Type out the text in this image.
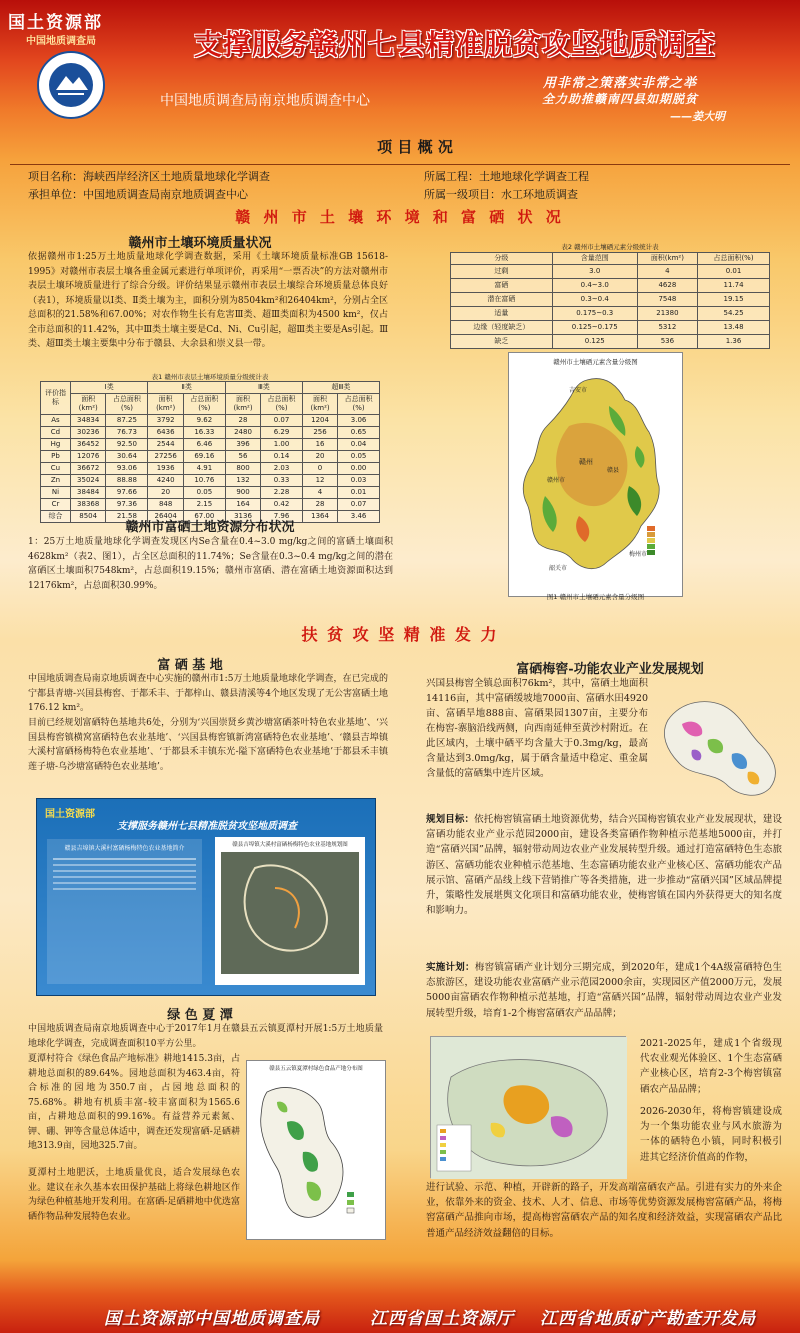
国土资源部
中国地质调查局	支撑服务赣州七县精准脱贫攻坚地质调查
中国地质调查局南京地质调查中心
用非常之策落实非常之举
全力助推赣南四县如期脱贫
——姜大明
项 目 概 况
项目名称：海峡西岸经济区土地质量地球化学调查	所属工程：土地地球化学调查工程
承担单位：中国地质调查局南京地质调查中心	所属一级项目：水工环地质调查
赣 州 市 土 壤 环 境 和 富 硒 状 况
赣州市土壤环境质量状况
依据赣州市1:25万土地质量地球化学调查数据，采用《土壤环境质量标准GB 15618-1995》对赣州市表层土壤各重金属元素进行单项评价，再采用“一票否决”的方法对赣州市表层土壤环境质量进行了综合分级。评价结果显示赣州市表层土壤综合环境质量总体良好（表1），环境质量以Ⅰ类、Ⅱ类土壤为主，面积分别为8504km²和26404km²，分别占全区总面积的21.58%和67.00%；对农作物生长有危害Ⅲ类、超Ⅲ类面积为4500 km²，仅占全市总面积的11.42%，其中Ⅲ类土壤主要是Cd、Ni、Cu引起，超Ⅲ类主要是As引起。Ⅲ类、超Ⅲ类土壤主要集中分布于赣县、大余县和崇义县一带。
表1 赣州市表层土壤环境质量分级统计表
评价指标	Ⅰ类		Ⅱ类		Ⅲ类		超Ⅲ类	
	面积(km²)	占总面积(%)	面积(km²)	占总面积(%)	面积(km²)	占总面积(%)	面积(km²)	占总面积(%)
As	34834	87.25	3792	9.62	28	0.07	1204	3.06
Cd	30236	76.73	6436	16.33	2480	6.29	256	0.65
Hg	36452	92.50	2544	6.46	396	1.00	16	0.04
Pb	12076	30.64	27256	69.16	56	0.14	20	0.05
Cu	36672	93.06	1936	4.91	800	2.03	0	0.00
Zn	35024	88.88	4240	10.76	132	0.33	12	0.03
Ni	38484	97.66	20	0.05	900	2.28	4	0.01
Cr	38368	97.36	848	2.15	164	0.42	28	0.07
综合	8504	21.58	26404	67.00	3136	7.96	1364	3.46
表2 赣州市土壤硒元素分级统计表
分级	含量范围	面积(km²)	占总面积(%)
过剩	3.0	4	0.01
富硒	0.4~3.0	4628	11.74
潜在富硒	0.3~0.4	7548	19.15
适量	0.175~0.3	21380	54.25
边缘（轻度缺乏）	0.125~0.175	5312	13.48
缺乏	0.125	536	1.36
赣州市土壤硒元素含量分级图
吉安市
赣州
赣州市
赣县
韶关市
梅州市
图1 赣州市土壤硒元素含量分级图
赣州市富硒土地资源分布状况
1：25万土地质量地球化学调查发现区内Se含量在0.4~3.0 mg/kg之间的富硒土壤面积4628km²（表2、图1），占全区总面积的11.74%；Se含量在0.3~0.4 mg/kg之间的潜在富硒区土壤面积7548km²，占总面积19.15%；赣州市富硒、潜在富硒土地资源面积达到12176km²，占总面积30.99%。
扶 贫 攻 坚 精 准 发 力
富 硒 基 地
中国地质调查局南京地质调查中心实施的赣州市1:5万土地质量地球化学调查，在已完成的宁都县青塘-兴国县梅窖、于都禾丰、于都梓山、赣县清溪等4个地区发现了无公害富硒土地176.12 km²。
目前已经规划富硒特色基地共6处，分别为‘兴国崇贤乡黄沙塘富硒茶叶特色农业基地’、‘兴国县梅窖镇横窝富硒特色农业基地’、‘兴国县梅窖镇新湾富硒特色农业基地’、‘赣县吉埠镇大溪村富硒杨梅特色农业基地’、‘于都县禾丰镇东光-隘下富硒特色农业基地’于都县禾丰镇莲子塘-乌沙塘富硒特色农业基地’。
国土资源部
支撑服务赣州七县精准脱贫攻坚地质调查
赣县吉埠镇大溪村富硒杨梅特色农业基地简介	赣县吉埠镇大溪村富硒杨梅特色农业基地规划图
绿 色 夏 潭
中国地质调查局南京地质调查中心于2017年1月在赣县五云镇夏潭村开展1:5万土地质量地球化学调查，完成调查面积10平方公里。
夏潭村符合《绿色食品产地标准》耕地1415.3亩，占耕地总面积的89.64%。园地总面积为463.4亩，符合标准的园地为350.7亩，占园地总面积的75.68%。耕地有机质丰富-较丰富面积为1565.6亩，占耕地总面积的99.16%。有益营养元素氮、钾、硼、钾等含量总体适中，调查还发现富硒-足硒耕地313.9亩，园地325.7亩。
夏潭村土地肥沃，土地质量优良，适合发展绿色农业。建议在永久基本农田保护基础上将绿色耕地区作为绿色种植基地开发利用。在富硒-足硒耕地中优选富硒作物品种发展特色农业。
赣县五云镇夏潭村绿色食品产地分布图
富硒梅窖-功能农业产业发展规划
兴国县梅窖全镇总面积76km²，其中，富硒土地面积14116亩，其中富硒缓坡地7000亩、富硒水田4920亩、富硒旱地888亩、富硒果园1307亩，主要分布在梅窖-寨脑沿线两侧，向西南延伸至黄沙村附近。在此区域内，土壤中硒平均含量大于0.3mg/kg，最高含量达到3.0mg/kg，属于硒含量适中稳定、重金属含量低的富硒集中连片区域。
规划目标：依托梅窖镇富硒土地资源优势，结合兴国梅窖镇农业产业发展现状，建设富硒功能农业产业示范园2000亩，建设各类富硒作物种植示范基地5000亩，并打造“富硒兴国”品牌，辐射带动周边农业产业发展转型升级。通过打造富硒特色生态旅游区、富硒功能农业种植示范基地、生态富硒功能农业产业核心区、富硒功能农产品展示馆、富硒产品线上线下营销推广等各类措施，进一步推动“富硒兴国”区域品牌提升，策略性发展堪舆文化项目和富硒功能农业，使梅窖镇在国内外获得更大的知名度和影响力。
实施计划：梅窖镇富硒产业计划分三期完成，到2020年，建成1个4A级富硒特色生态旅游区，建设功能农业富硒产业示范园2000余亩，实现园区产值2000万元，发展5000亩富硒农作物种植示范基地，打造“富硒兴国”品牌，辐射带动周边农业产业发展转型升级，培育1-2个梅窖富硒农产品品牌；
2021-2025年，建成1个省级现代农业观光体验区、1个生态富硒产业核心区，培育2-3个梅窖镇富硒农产品品牌；
2026-2030年，将梅窖镇建设成为一个集功能农业与风水旅游为一体的硒特色小镇，同时积极引进其它经济价值高的作物，
进行试验、示范、种植，开辟新的路子，开发高端富硒农产品。引进有实力的外来企业，依靠外来的资金、技术、人才、信息、市场等优势资源发展梅窖富硒产品，将梅窖富硒产品推向市场，提高梅窖富硒农产品的知名度和经济效益，实现富硒农产品比普通产品经济效益翻倍的目标。
国土资源部中国地质调查局	江西省国土资源厅	江西省地质矿产勘查开发局
